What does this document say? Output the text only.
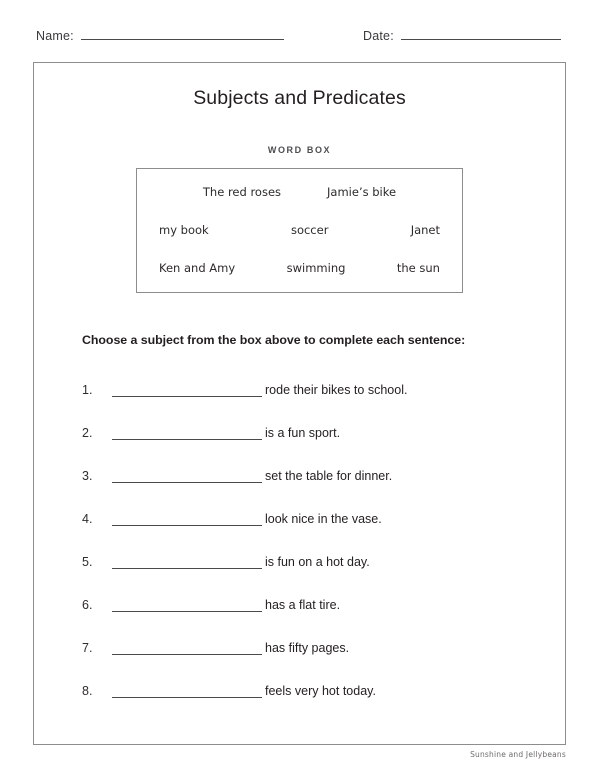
Name:	Date:
Subjects and Predicates
WORD BOX
The red roses	Jamie’s bike
my book	soccer	Janet
Ken and Amy	swimming	the sun
Choose a subject from the box above to complete each sentence:
1.	rode their bikes to school.
2.	is a fun sport.
3.	set the table for dinner.
4.	look nice in the vase.
5.	is fun on a hot day.
6.	has a flat tire.
7.	has fifty pages.
8.	feels very hot today.
Sunshine and Jellybeans
